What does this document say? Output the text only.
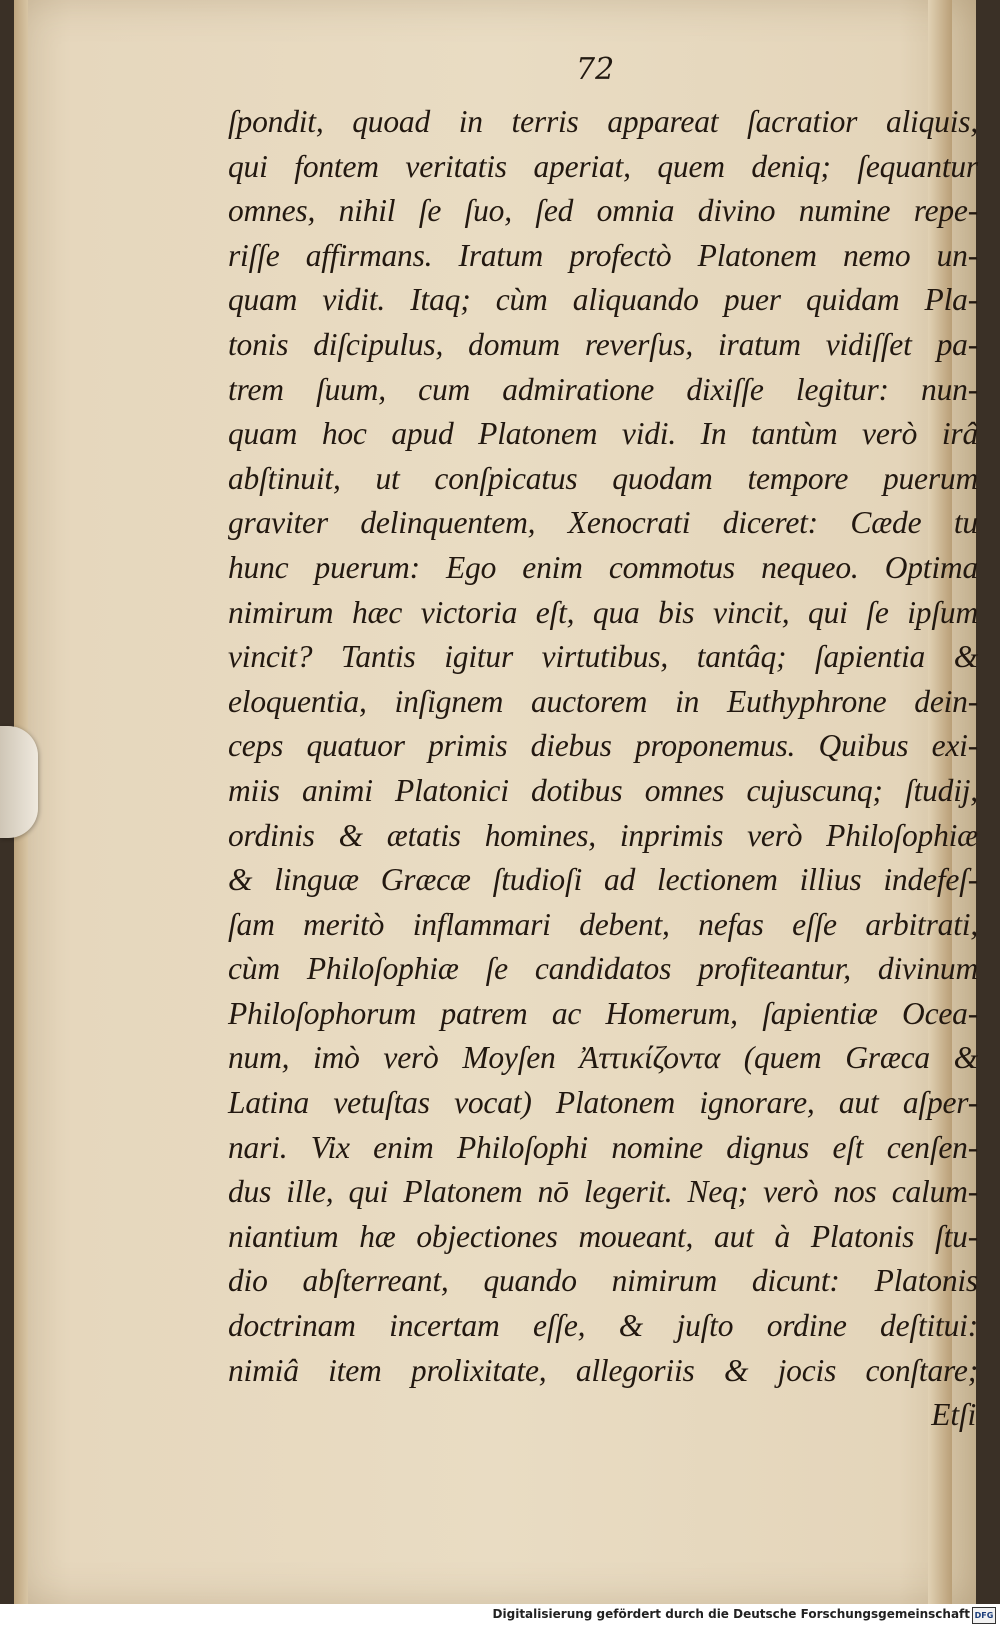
72
ſpondit, quoad in terris appareat ſacratior aliquis,
qui fontem veritatis aperiat, quem deniq; ſequantur
omnes, nihil ſe ſuo, ſed omnia divino numine repe-
riſſe affirmans. Iratum profectò Platonem nemo un-
quam vidit. Itaq; cùm aliquando puer quidam Pla-
tonis diſcipulus, domum reverſus, iratum vidiſſet pa-
trem ſuum, cum admiratione dixiſſe legitur: nun-
quam hoc apud Platonem vidi. In tantùm verò irâ
abſtinuit, ut conſpicatus quodam tempore puerum
graviter delinquentem, Xenocrati diceret: Cæde tu
hunc puerum: Ego enim commotus nequeo. Optima
nimirum hæc victoria eſt, qua bis vincit, qui ſe ipſum
vincit? Tantis igitur virtutibus, tantâq; ſapientia &
eloquentia, inſignem auctorem in Euthyphrone dein-
ceps quatuor primis diebus proponemus. Quibus exi-
miis animi Platonici dotibus omnes cujuscunq; ſtudij,
ordinis & ætatis homines, inprimis verò Philoſophiæ
& linguæ Græcæ ſtudioſi ad lectionem illius indefeſ-
ſam meritò inflammari debent, nefas eſſe arbitrati,
cùm Philoſophiæ ſe candidatos profiteantur, divinum
Philoſophorum patrem ac Homerum, ſapientiæ Ocea-
num, imò verò Moyſen Ἀττικίζοντα (quem Græca &
Latina vetuſtas vocat) Platonem ignorare, aut aſper-
nari. Vix enim Philoſophi nomine dignus eſt cenſen-
dus ille, qui Platonem nō legerit. Neq; verò nos calum-
niantium hæ objectiones moueant, aut à Platonis ſtu-
dio abſterreant, quando nimirum dicunt: Platonis
doctrinam incertam eſſe, & juſto ordine deſtitui:
nimiâ item prolixitate, allegoriis & jocis conſtare;
Etſi
Digitalisierung gefördert durch die Deutsche Forschungsgemeinschaft DFG
